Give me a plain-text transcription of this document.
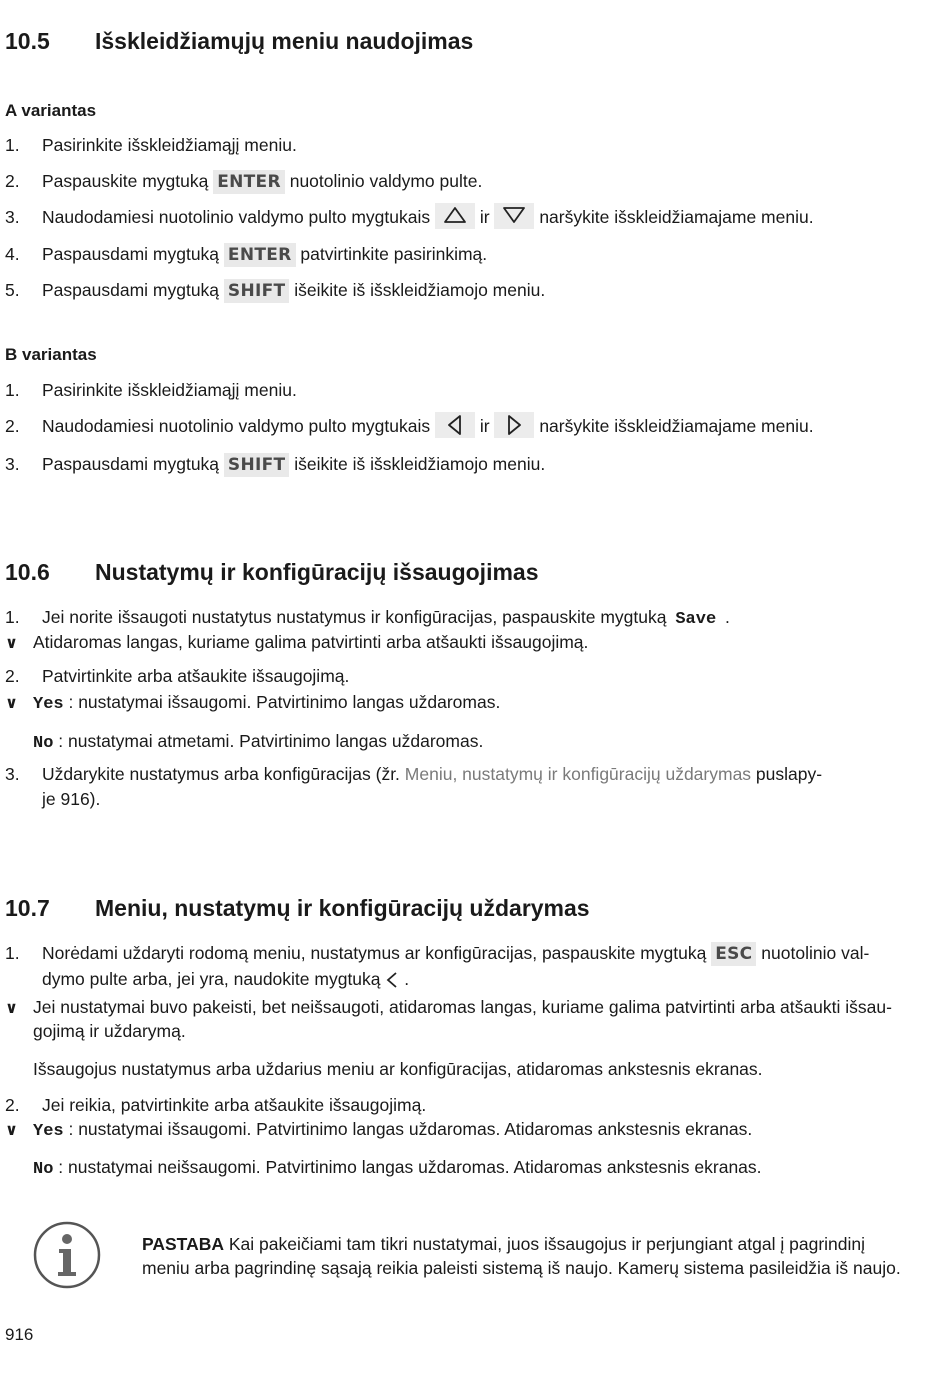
10.5 Išskleidžiamųjų meniu naudojimas
A variantas
1. Pasirinkite išskleidžiamąjį meniu.
2. Paspauskite mygtuką ENTER nuotolinio valdymo pulte.
3. Naudodamiesi nuotolinio valdymo pulto mygtukais
ir
naršykite išskleidžiamajame meniu.
4. Paspausdami mygtuką ENTER patvirtinkite pasirinkimą.
5. Paspausdami mygtuką SHIFT išeikite iš išskleidžiamojo meniu.
B variantas
1. Pasirinkite išskleidžiamąjį meniu.
2. Naudodamiesi nuotolinio valdymo pulto mygtukais
ir
naršykite išskleidžiamajame meniu.
3. Paspausdami mygtuką SHIFT išeikite iš išskleidžiamojo meniu.
10.6 Nustatymų ir konfigūracijų išsaugojimas
1. Jei norite išsaugoti nustatytus nustatymus ir konfigūracijas, paspauskite mygtuką Save .
∨ Atidaromas langas, kuriame galima patvirtinti arba atšaukti išsaugojimą.
2. Patvirtinkite arba atšaukite išsaugojimą.
∨ Yes : nustatymai išsaugomi. Patvirtinimo langas uždaromas.
No : nustatymai atmetami. Patvirtinimo langas uždaromas.
3. Uždarykite nustatymus arba konfigūracijas (žr. Meniu, nustatymų ir konfigūracijų uždarymas puslapy-
je 916).
10.7 Meniu, nustatymų ir konfigūracijų uždarymas
1. Norėdami uždaryti rodomą meniu, nustatymus ar konfigūracijas, paspauskite mygtuką ESC nuotolinio val-
dymo pulte arba, jei yra, naudokite mygtuką  .
∨ Jei nustatymai buvo pakeisti, bet neišsaugoti, atidaromas langas, kuriame galima patvirtinti arba atšaukti išsau-
gojimą ir uždarymą.
Išsaugojus nustatymus arba uždarius meniu ar konfigūracijas, atidaromas ankstesnis ekranas.
2. Jei reikia, patvirtinkite arba atšaukite išsaugojimą.
∨ Yes : nustatymai išsaugomi. Patvirtinimo langas uždaromas. Atidaromas ankstesnis ekranas.
No : nustatymai neišsaugomi. Patvirtinimo langas uždaromas. Atidaromas ankstesnis ekranas.
PASTABA Kai pakeičiami tam tikri nustatymai, juos išsaugojus ir perjungiant atgal į pagrindinį
meniu arba pagrindinę sąsają reikia paleisti sistemą iš naujo. Kamerų sistema pasileidžia iš naujo.
916
